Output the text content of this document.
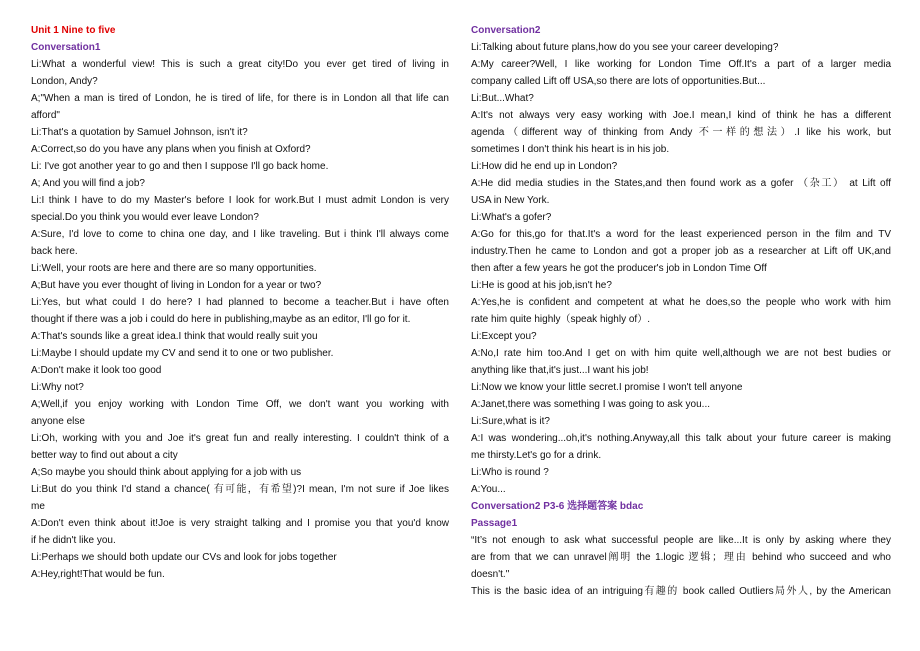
Unit 1 Nine to five

Conversation1

Li:What a wonderful view! This is such a great city!Do you ever get tired of living in

London, Andy?

A;"When a man is tired of London, he is tired of life, for there is in London all that life can

afford"

Li:That's a quotation by Samuel Johnson, isn't it?

A:Correct,so do you have any plans when you finish at Oxford?

Li: I've got another year to go and then I suppose I'll go back home.

A; And you will find a job?

Li:I think I have to do my Master's before I look for work.But I must admit London is very

special.Do you think you would ever leave London?

A:Sure, I'd love to come to china one day, and I like traveling. But i think I'll always come

back here.

Li:Well, your roots are here and there are so many opportunities.

A;But have you ever thought of living in London for a year or two?

Li:Yes, but what could I do here? I had planned to become a teacher.But i have often

thought if there was a job i could do here in publishing,maybe as an editor, I'll go for it.

A:That's sounds like a great idea.I think that would really suit you

Li:Maybe I should update my CV and send it to one or two publisher.

A:Don't make it look too good

Li:Why not?

A;Well,if you enjoy working with London Time Off, we don't want you working with

anyone else

Li:Oh, working with you and Joe it's great fun and really interesting. I couldn't think of a

better way to find out about a city

A;So maybe you should think about applying for a job with us

Li:But do you think I'd stand a chance( 有可能，有希望)?I mean, I'm not sure if Joe likes

me

A:Don't even think about it!Joe is very straight talking and I promise you that you'd know

if he didn't like you.

Li:Perhaps we should both update our CVs and look for jobs together

A:Hey,right!That would be fun.

Conversation2

Li:Talking about future plans,how do you see your career developing?

A:My career?Well, I like working for London Time Off.It's a part of a larger media

company called Lift off USA,so there are lots of opportunities.But...

Li:But...What?

A:It's not always very easy working with Joe.I mean,I kind of think he has a different

agenda（different way of thinking from Andy 不一样的想法）.I like his work, but

sometimes I don't think his heart is in his job.

Li:How did he end up in London?

A:He did media studies in the States,and then found work as a gofer （杂工） at Lift off

USA in New York.

Li:What's a gofer?

A:Go for this,go for that.It's a word for the least experienced person in the film and TV

industry.Then he came to London and got a proper job as a researcher at Lift off UK,and

then after a few years he got the producer's job in London Time Off

Li:He is good at his job,isn't he?

A:Yes,he is confident and competent at what he does,so the people who work with him

rate him quite highly（speak highly of）.

Li:Except you?

A:No,I rate him too.And I get on with him quite well,although we are not best budies or

anything like that,it's just...I want his job!

Li:Now we know your little secret.I promise I won't tell anyone

A:Janet,there was something I was going to ask you...

Li:Sure,what is it?

A:I was wondering...oh,it's nothing.Anyway,all this talk about your future career is making

me thirsty.Let's go for a drink.

Li:Who is round ?

A:You...

Conversation2 P3-6 选择题答案 bdac

Passage1

“It’s not enough to ask what successful people are like...It is only by asking where they

are from that we can unravel阐明 the 1.logic 逻辑；理由 behind who succeed and who

doesn't."

This is the basic idea of an intriguing有趣的 book called Outliers局外人, by the American
